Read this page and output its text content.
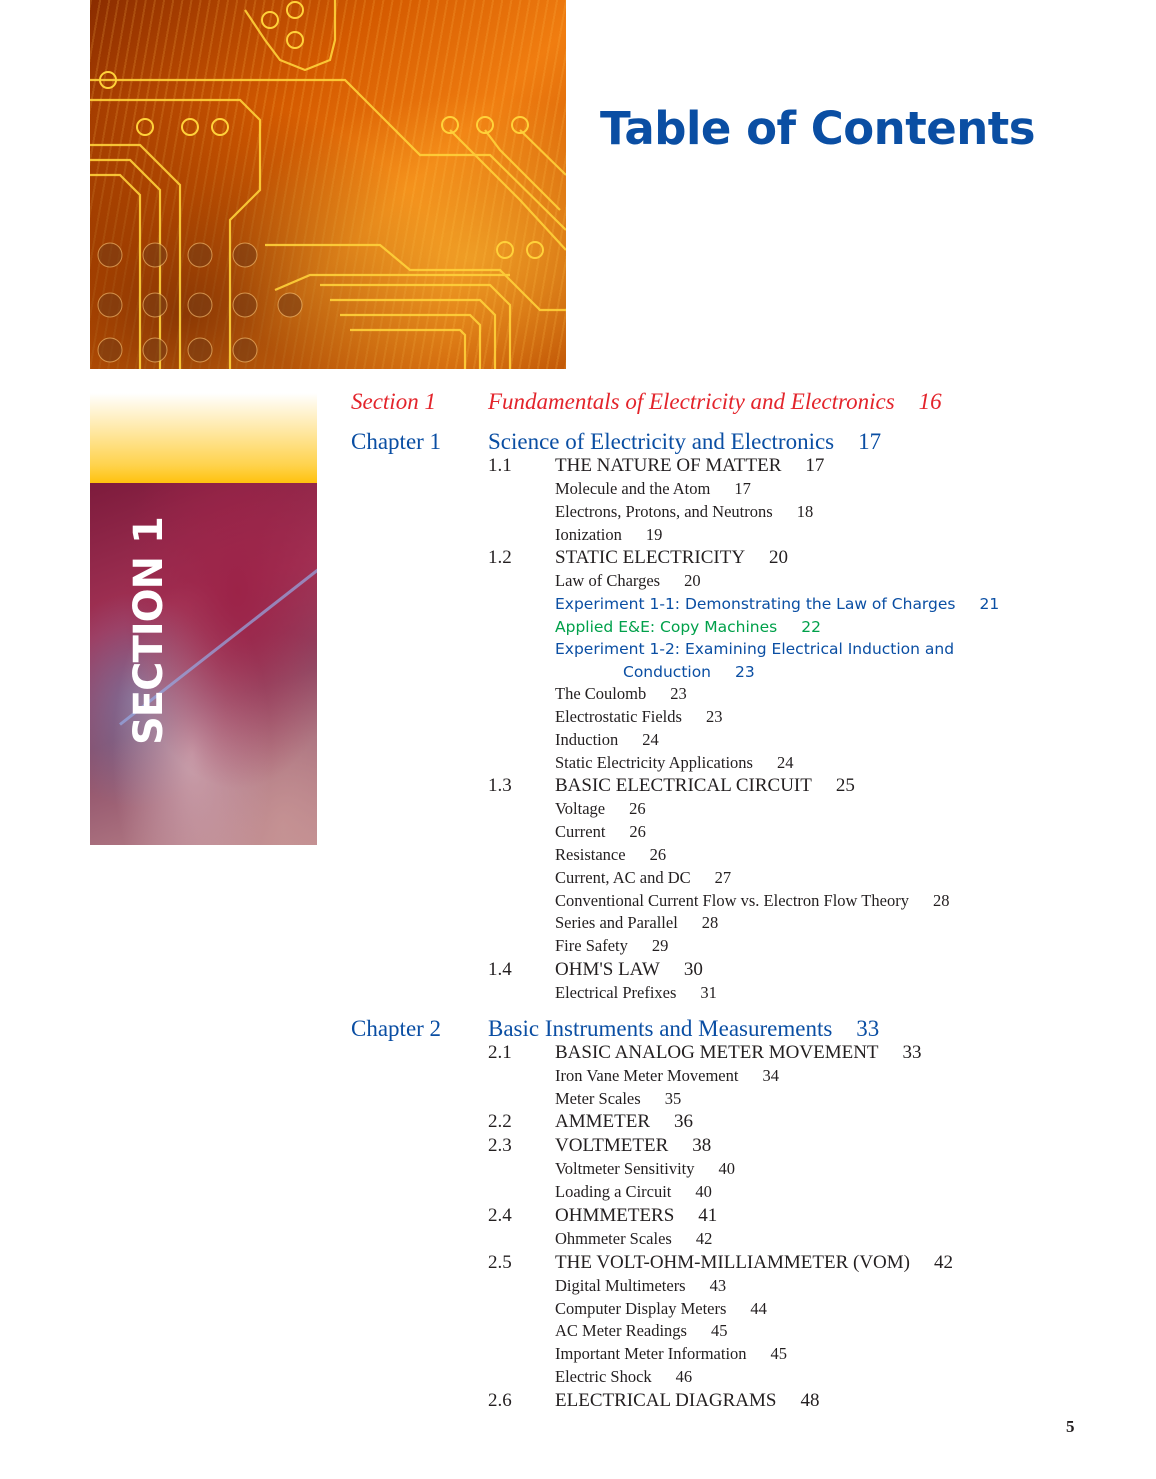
Table of Contents
SECTION 1
Section 1 Fundamentals of Electricity and Electronics 16
Chapter 1 Science of Electricity and Electronics 17
1.1 THE NATURE OF MATTER 17
Molecule and the Atom 17
Electrons, Protons, and Neutrons 18
Ionization 19
1.2 STATIC ELECTRICITY 20
Law of Charges 20
Experiment 1-1: Demonstrating the Law of Charges 21
Applied E&E: Copy Machines 22
Experiment 1-2: Examining Electrical Induction and
Conduction 23
The Coulomb 23
Electrostatic Fields 23
Induction 24
Static Electricity Applications 24
1.3 BASIC ELECTRICAL CIRCUIT 25
Voltage 26
Current 26
Resistance 26
Current, AC and DC 27
Conventional Current Flow vs. Electron Flow Theory 28
Series and Parallel 28
Fire Safety 29
1.4 OHM'S LAW 30
Electrical Prefixes 31
Chapter 2 Basic Instruments and Measurements 33
2.1 BASIC ANALOG METER MOVEMENT 33
Iron Vane Meter Movement 34
Meter Scales 35
2.2 AMMETER 36
2.3 VOLTMETER 38
Voltmeter Sensitivity 40
Loading a Circuit 40
2.4 OHMMETERS 41
Ohmmeter Scales 42
2.5 THE VOLT-OHM-MILLIAMMETER (VOM) 42
Digital Multimeters 43
Computer Display Meters 44
AC Meter Readings 45
Important Meter Information 45
Electric Shock 46
2.6 ELECTRICAL DIAGRAMS 48
5
